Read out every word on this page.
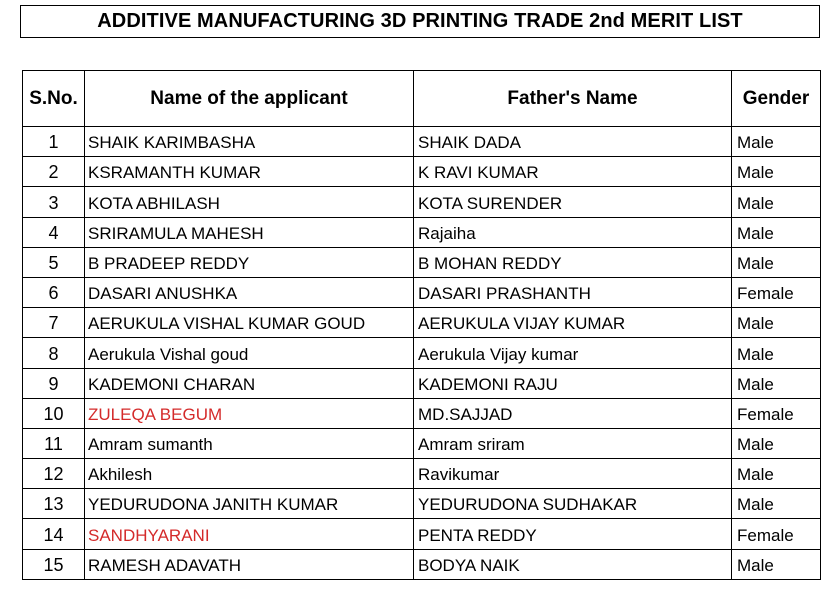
ADDITIVE MANUFACTURING 3D PRINTING TRADE 2nd MERIT LIST
S.No.	Name of the applicant	Father's Name	Gender
1	SHAIK KARIMBASHA	SHAIK DADA	Male
2	KSRAMANTH KUMAR	K RAVI KUMAR	Male
3	KOTA ABHILASH	KOTA SURENDER	Male
4	SRIRAMULA MAHESH	Rajaiha	Male
5	B PRADEEP REDDY	B MOHAN REDDY	Male
6	DASARI ANUSHKA	DASARI PRASHANTH	Female
7	AERUKULA VISHAL KUMAR GOUD	AERUKULA VIJAY KUMAR	Male
8	Aerukula Vishal goud	Aerukula Vijay kumar	Male
9	KADEMONI CHARAN	KADEMONI RAJU	Male
10	ZULEQA BEGUM	MD.SAJJAD	Female
11	Amram sumanth	Amram sriram	Male
12	Akhilesh	Ravikumar	Male
13	YEDURUDONA JANITH KUMAR	YEDURUDONA SUDHAKAR	Male
14	SANDHYARANI	PENTA REDDY	Female
15	RAMESH ADAVATH	BODYA NAIK	Male
